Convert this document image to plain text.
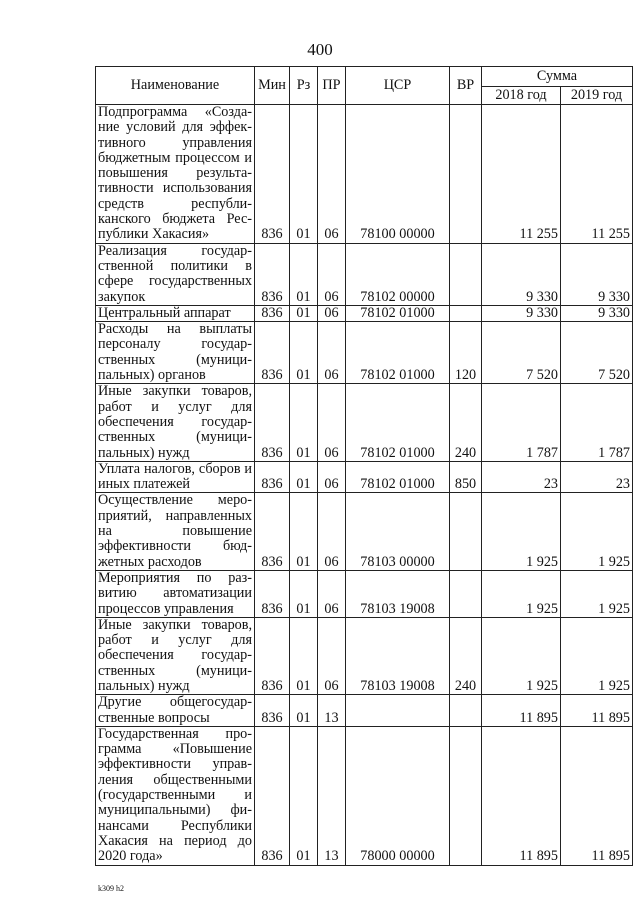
400
Наименование	Мин	Рз	ПР	ЦСР	ВР	Сумма	
						2018 год	2019 год
Подпрограмма «Создание условий для эффективного управления бюджетным процессом и повышения результативности использования средств республиканского бюджета Республики Хакасия»	836	01	06	78100 00000		11 255	11 255
Реализация государственной политики в сфере государственных закупок	836	01	06	78102 00000		9 330	9 330
Центральный аппарат	836	01	06	78102 01000		9 330	9 330
Расходы на выплаты персоналу государственных (муниципальных) органов	836	01	06	78102 01000	120	7 520	7 520
Иные закупки товаров, работ и услуг для обеспечения государственных (муниципальных) нужд	836	01	06	78102 01000	240	1 787	1 787
Уплата налогов, сборов и иных платежей	836	01	06	78102 01000	850	23	23
Осуществление мероприятий, направленных на повышение эффективности бюджетных расходов	836	01	06	78103 00000		1 925	1 925
Мероприятия по развитию автоматизации процессов управления	836	01	06	78103 19008		1 925	1 925
Иные закупки товаров, работ и услуг для обеспечения государственных (муниципальных) нужд	836	01	06	78103 19008	240	1 925	1 925
Другие общегосударственные вопросы	836	01	13			11 895	11 895
Государственная программа «Повышение эффективности управления общественными (государственными и муниципальными) финансами Республики Хакасия на период до 2020 года»	836	01	13	78000 00000		11 895	11 895
k309 h2
